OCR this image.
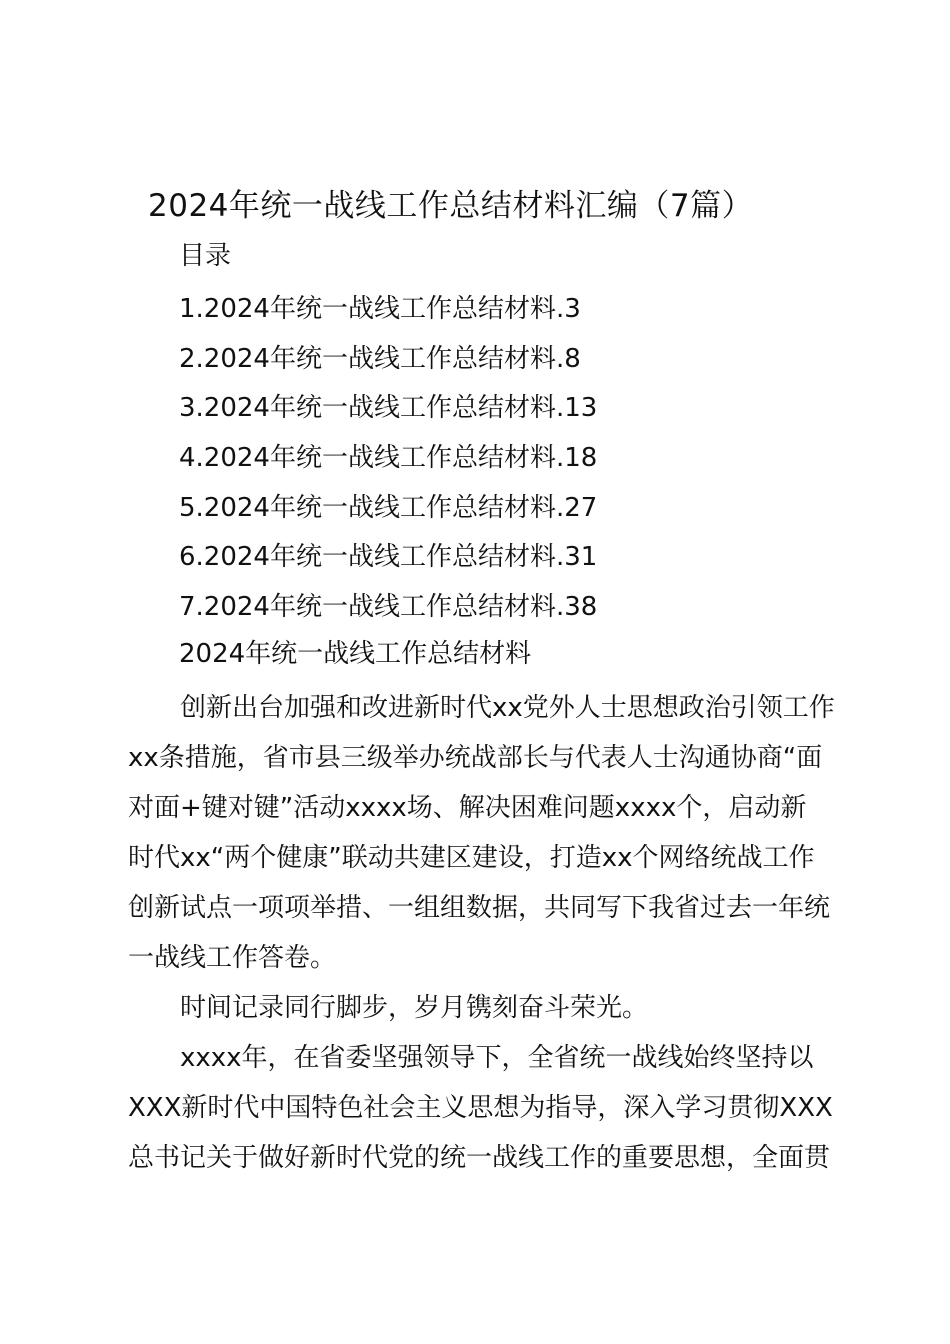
2024年统一战线工作总结材料汇编（7篇）
目录
1.2024年统一战线工作总结材料.3
2.2024年统一战线工作总结材料.8
3.2024年统一战线工作总结材料.13
4.2024年统一战线工作总结材料.18
5.2024年统一战线工作总结材料.27
6.2024年统一战线工作总结材料.31
7.2024年统一战线工作总结材料.38
2024年统一战线工作总结材料
创新出台加强和改进新时代xx党外人士思想政治引领工作
xx条措施，省市县三级举办统战部长与代表人士沟通协商“面
对面+键对键”活动xxxx场、解决困难问题xxxx个，启动新
时代xx“两个健康”联动共建区建设，打造xx个网络统战工作
创新试点一项项举措、一组组数据，共同写下我省过去一年统
一战线工作答卷。
时间记录同行脚步，岁月镌刻奋斗荣光。
xxxx年，在省委坚强领导下，全省统一战线始终坚持以
XXX新时代中国特色社会主义思想为指导，深入学习贯彻XXX
总书记关于做好新时代党的统一战线工作的重要思想，全面贯
